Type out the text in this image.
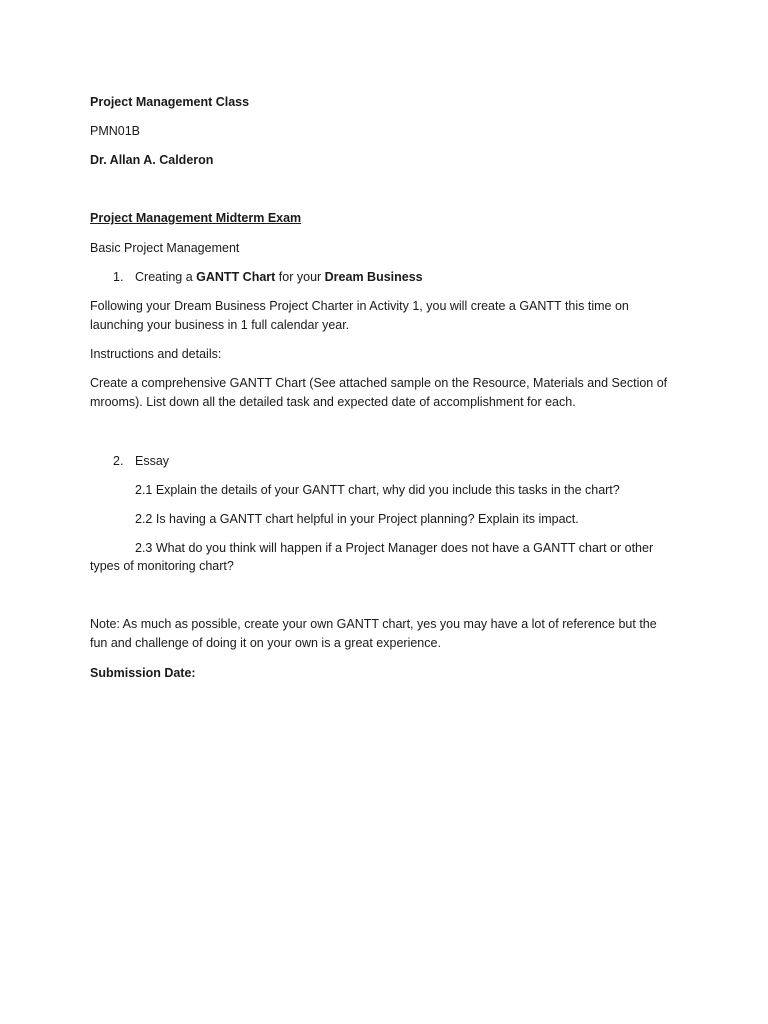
Project Management Class
PMN01B
Dr. Allan A. Calderon
Project Management Midterm Exam
Basic Project Management
1. Creating a GANTT Chart for your Dream Business
Following your Dream Business Project Charter in Activity 1, you will create a GANTT this time on
launching your business in 1 full calendar year.
Instructions and details:
Create a comprehensive GANTT Chart (See attached sample on the Resource, Materials and Section of
mrooms). List down all the detailed task and expected date of accomplishment for each.
2. Essay
2.1 Explain the details of your GANTT chart, why did you include this tasks in the chart?
2.2 Is having a GANTT chart helpful in your Project planning? Explain its impact.
2.3 What do you think will happen if a Project Manager does not have a GANTT chart or other
types of monitoring chart?
Note: As much as possible, create your own GANTT chart, yes you may have a lot of reference but the
fun and challenge of doing it on your own is a great experience.
Submission Date:
